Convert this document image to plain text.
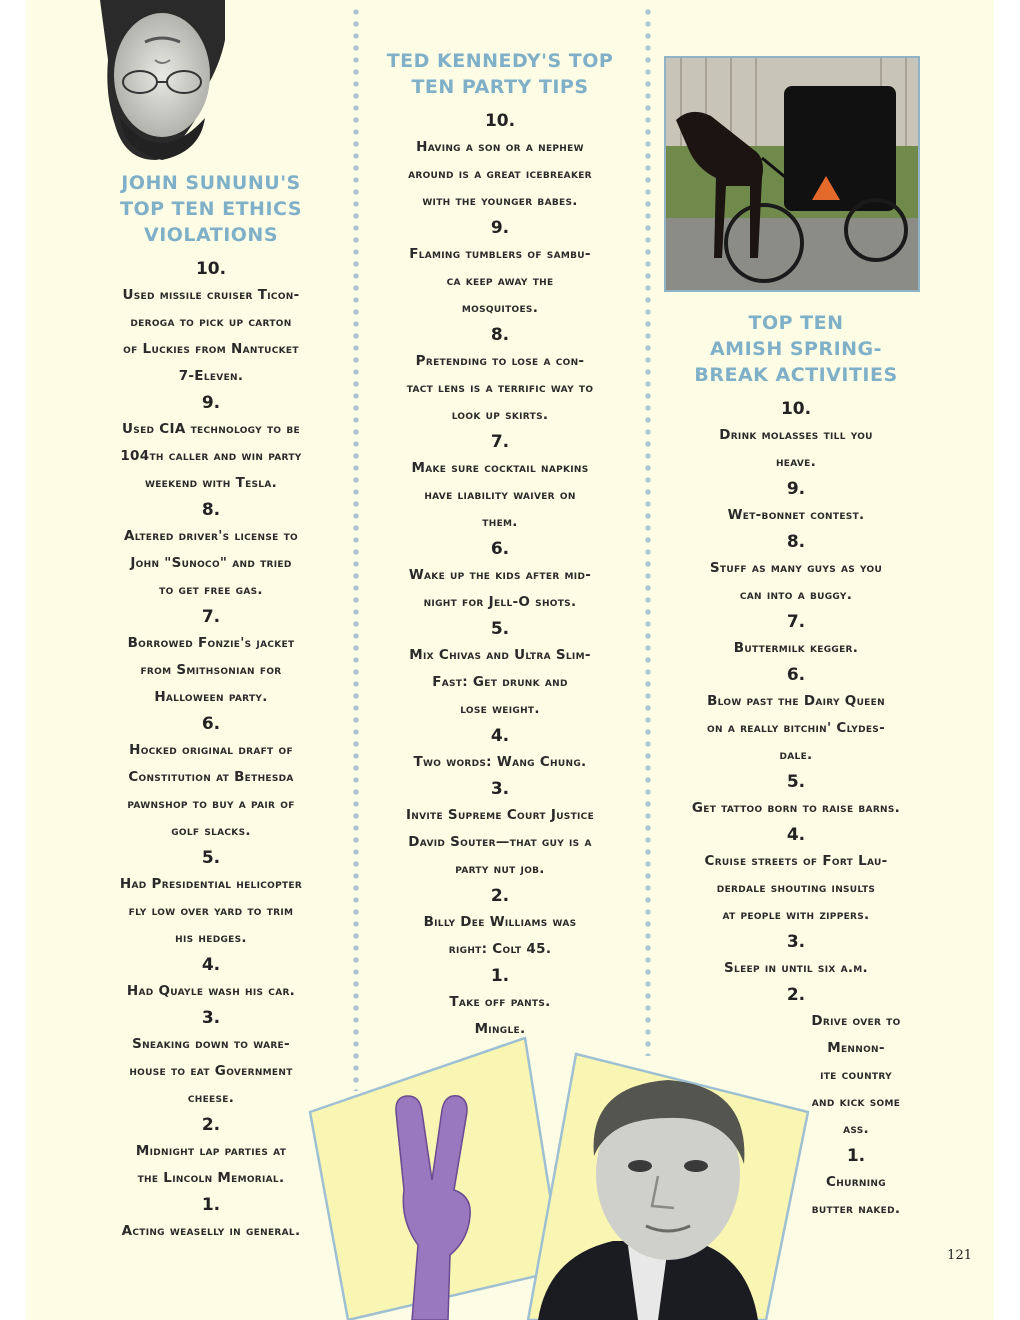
JOHN SUNUNU'S
TOP TEN ETHICS
VIOLATIONS
10.
Used missile cruiser Ticon-
deroga to pick up carton
of Luckies from Nantucket
7-Eleven.
9.
Used CIA technology to be
104th caller and win party
weekend with Tesla.
8.
Altered driver's license to
John "Sunoco" and tried
to get free gas.
7.
Borrowed Fonzie's jacket
from Smithsonian for
Halloween party.
6.
Hocked original draft of
Constitution at Bethesda
pawnshop to buy a pair of
golf slacks.
5.
Had Presidential helicopter
fly low over yard to trim
his hedges.
4.
Had Quayle wash his car.
3.
Sneaking down to ware-
house to eat Government
cheese.
2.
Midnight lap parties at
the Lincoln Memorial.
1.
Acting weaselly in general.
TED KENNEDY'S TOP
TEN PARTY TIPS
10.
Having a son or a nephew
around is a great icebreaker
with the younger babes.
9.
Flaming tumblers of sambu-
ca keep away the
mosquitoes.
8.
Pretending to lose a con-
tact lens is a terrific way to
look up skirts.
7.
Make sure cocktail napkins
have liability waiver on
them.
6.
Wake up the kids after mid-
night for Jell-O shots.
5.
Mix Chivas and Ultra Slim-
Fast: Get drunk and
lose weight.
4.
Two words: Wang Chung.
3.
Invite Supreme Court Justice
David Souter—that guy is a
party nut job.
2.
Billy Dee Williams was
right: Colt 45.
1.
Take off pants.
Mingle.
TOP TEN
AMISH SPRING-
BREAK ACTIVITIES
10.
Drink molasses till you
heave.
9.
Wet-bonnet contest.
8.
Stuff as many guys as you
can into a buggy.
7.
Buttermilk kegger.
6.
Blow past the Dairy Queen
on a really bitchin' Clydes-
dale.
5.
Get tattoo born to raise barns.
4.
Cruise streets of Fort Lau-
derdale shouting insults
at people with zippers.
3.
Sleep in until six a.m.
2.
Drive over to Mennon-
ite country
and kick some
ass.
1.
Churning
butter naked.
121
